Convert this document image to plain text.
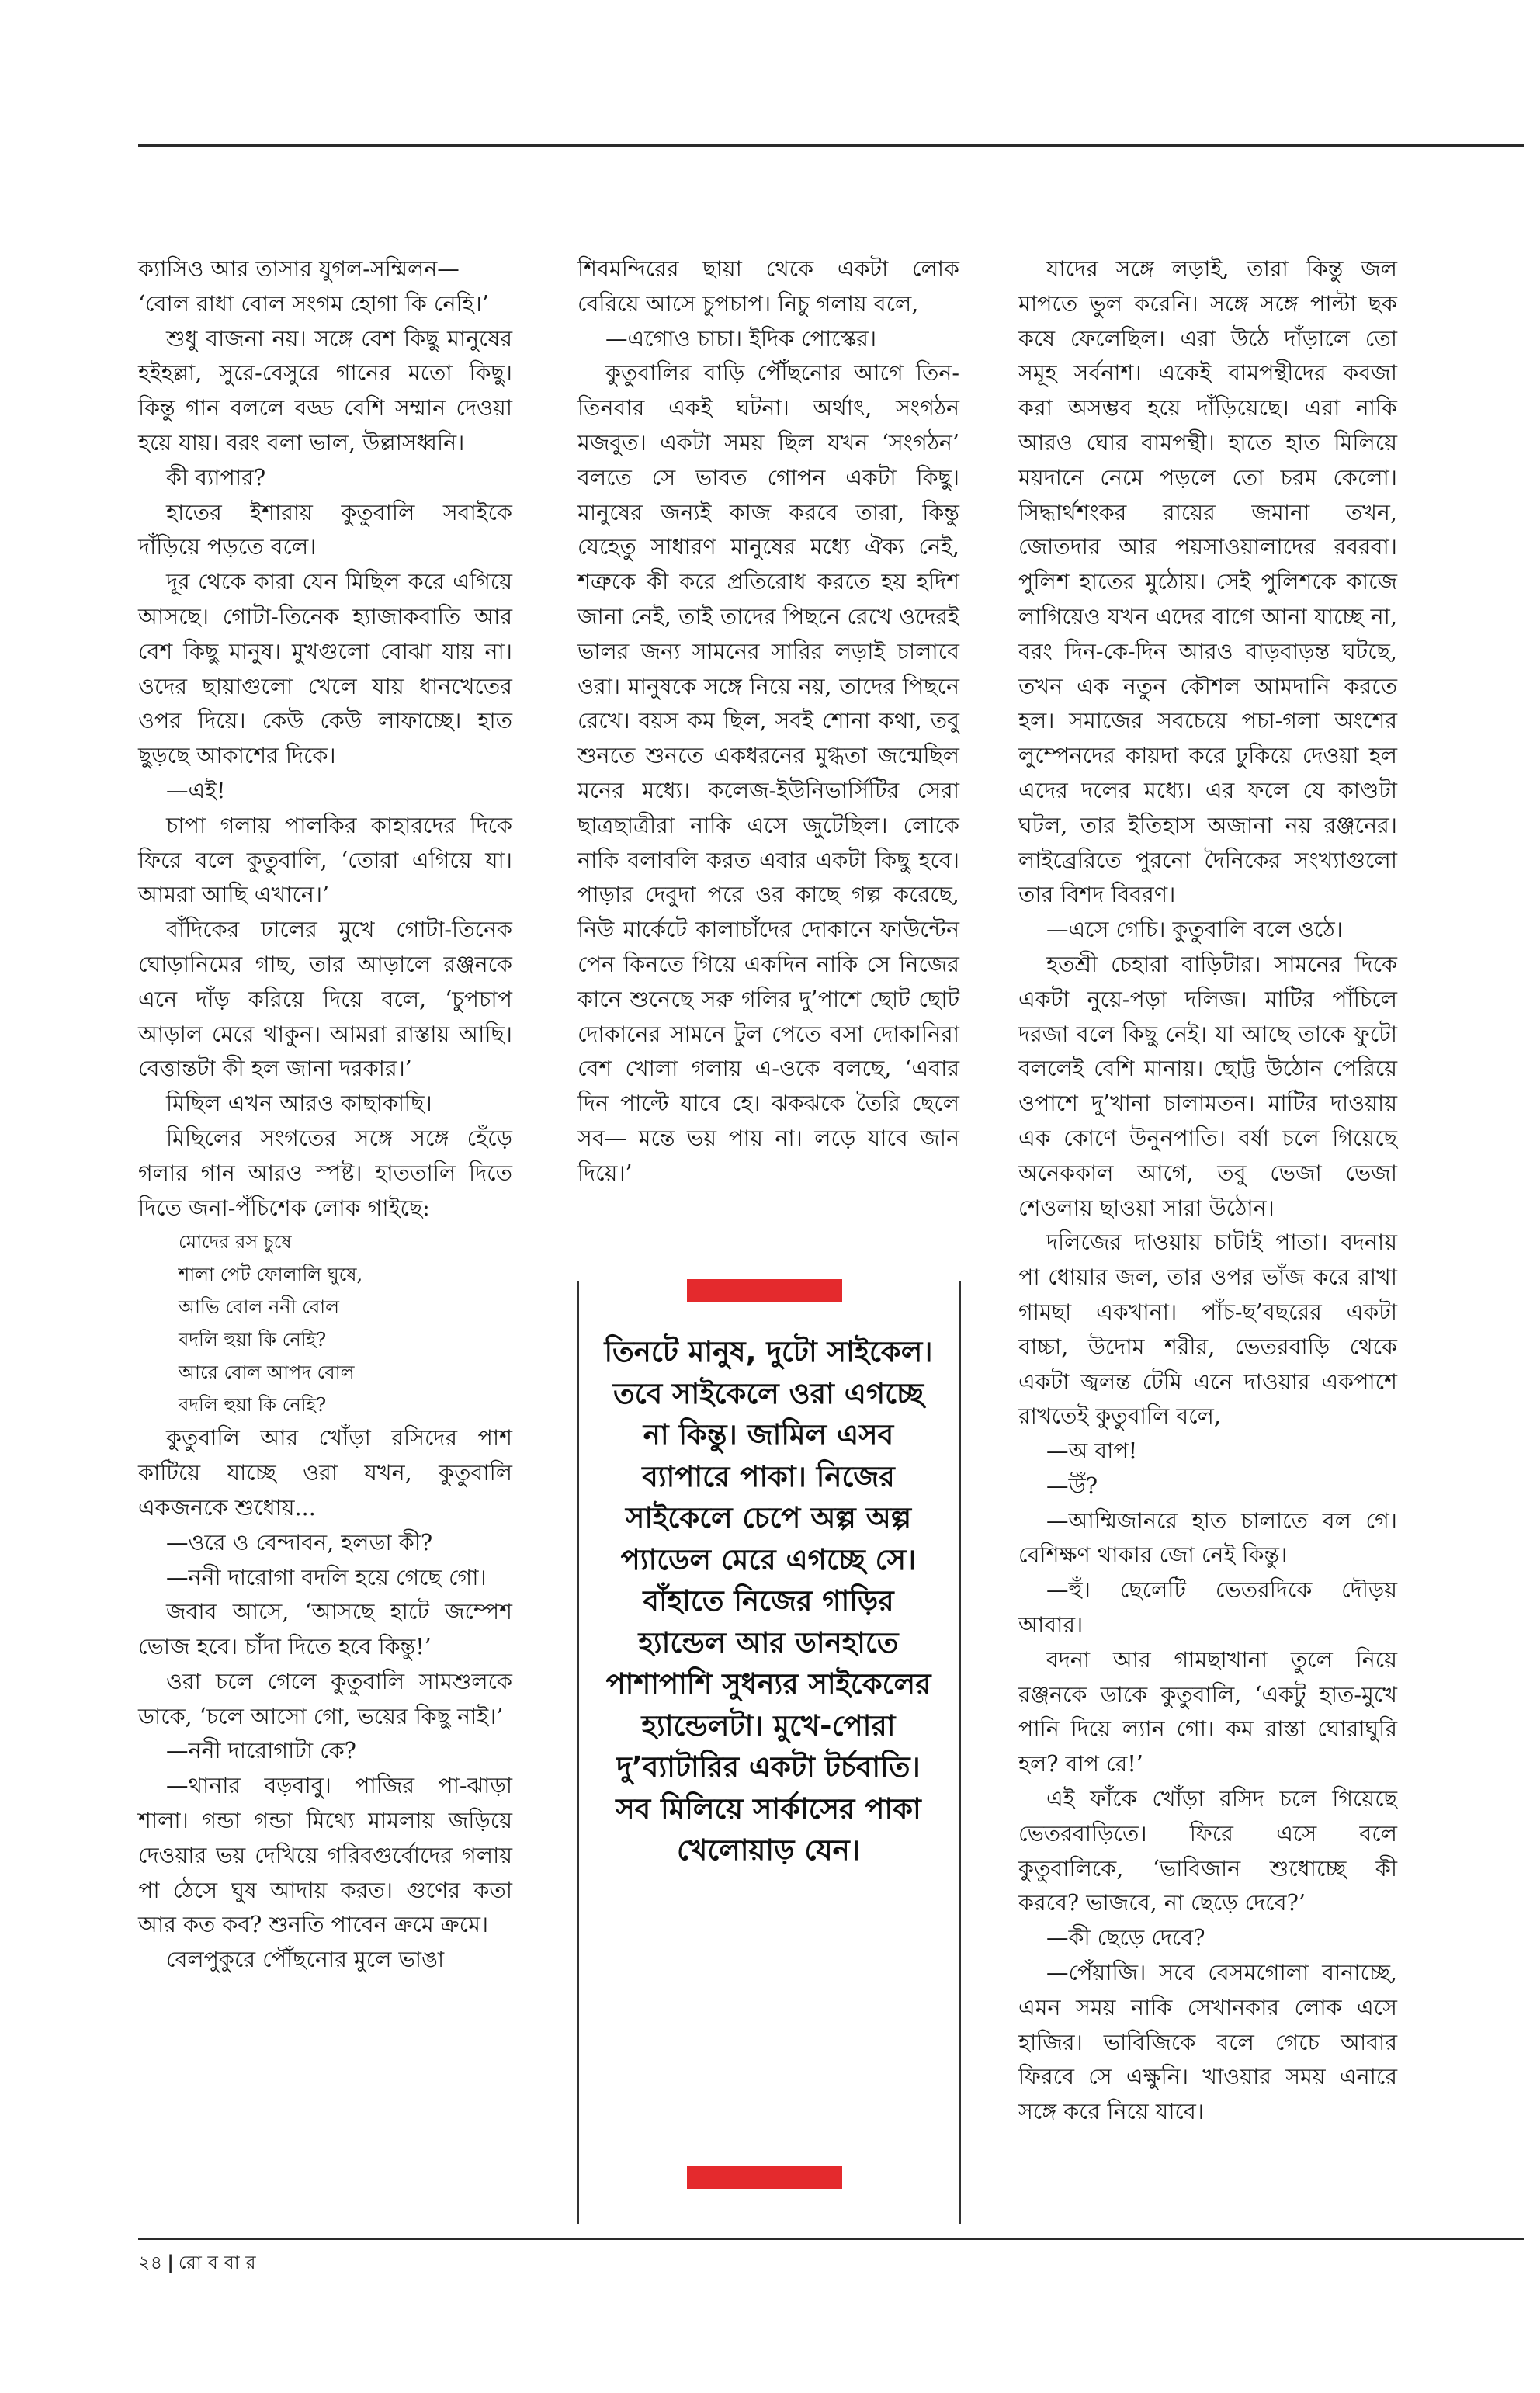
ক্যাসিও আর তাসার যুগল-সম্মিলন—

‘বোল রাধা বোল সংগম হোগা কি নেহি।’

শুধু বাজনা নয়। সঙ্গে বেশ কিছু মানুষের হইহল্লা, সুরে-বেসুরে গানের মতো কিছু। কিন্তু গান বললে বড্ড বেশি সম্মান দেওয়া হয়ে যায়। বরং বলা ভাল, উল্লাসধ্বনি।

কী ব্যাপার?

হাতের ইশারায় কুতুবালি সবাইকে দাঁড়িয়ে পড়তে বলে।

দূর থেকে কারা যেন মিছিল করে এগিয়ে আসছে। গোটা-তিনেক হ্যাজাকবাতি আর বেশ কিছু মানুষ। মুখগুলো বোঝা যায় না। ওদের ছায়াগুলো খেলে যায় ধানখেতের ওপর দিয়ে। কেউ কেউ লাফাচ্ছে। হাত ছুড়ছে আকাশের দিকে।

—এই!

চাপা গলায় পালকির কাহারদের দিকে ফিরে বলে কুতুবালি, ‘তোরা এগিয়ে যা। আমরা আছি এখানে।’

বাঁদিকের ঢালের মুখে গোটা-তিনেক ঘোড়ানিমের গাছ, তার আড়ালে রঞ্জনকে এনে দাঁড় করিয়ে দিয়ে বলে, ‘চুপচাপ আড়াল মেরে থাকুন। আমরা রাস্তায় আছি। বেত্তান্তটা কী হল জানা দরকার।’

মিছিল এখন আরও কাছাকাছি।

মিছিলের সংগতের সঙ্গে সঙ্গে হেঁড়ে গলার গান আরও স্পষ্ট। হাততালি দিতে দিতে জনা-পঁচিশেক লোক গাইছে:

মোদের রস চুষে

শালা পেট ফোলালি ঘুষে,

আভি বোল ননী বোল

বদলি হুয়া কি নেহি?

আরে বোল আপদ বোল

বদলি হুয়া কি নেহি?

কুতুবালি আর খোঁড়া রসিদের পাশ কাটিয়ে যাচ্ছে ওরা যখন, কুতুবালি একজনকে শুধোয়...

—ওরে ও বেন্দাবন, হলডা কী?

—ননী দারোগা বদলি হয়ে গেছে গো।

জবাব আসে, ‘আসছে হাটে জম্পেশ ভোজ হবে। চাঁদা দিতে হবে কিন্তু!’

ওরা চলে গেলে কুতুবালি সামশুলকে ডাকে, ‘চলে আসো গো, ভয়ের কিছু নাই।’

—ননী দারোগাটা কে?

—থানার বড়বাবু। পাজির পা-ঝাড়া শালা। গন্ডা গন্ডা মিথ্যে মামলায় জড়িয়ে দেওয়ার ভয় দেখিয়ে গরিবগুর্বোদের গলায় পা ঠেসে ঘুষ আদায় করত। গুণের কতা আর কত কব? শুনতি পাবেন ক্রমে ক্রমে।

বেলপুকুরে পৌঁছনোর মুলে ভাঙা

শিবমন্দিরের ছায়া থেকে একটা লোক বেরিয়ে আসে চুপচাপ। নিচু গলায় বলে,

—এগোও চাচা। ইদিক পোস্কের।

কুতুবালির বাড়ি পৌঁছনোর আগে তিন-তিনবার একই ঘটনা। অর্থাৎ, সংগঠন মজবুত। একটা সময় ছিল যখন ‘সংগঠন’ বলতে সে ভাবত গোপন একটা কিছু। মানুষের জন্যই কাজ করবে তারা, কিন্তু যেহেতু সাধারণ মানুষের মধ্যে ঐক্য নেই, শত্রুকে কী করে প্রতিরোধ করতে হয় হদিশ জানা নেই, তাই তাদের পিছনে রেখে ওদেরই ভালর জন্য সামনের সারির লড়াই চালাবে ওরা। মানুষকে সঙ্গে নিয়ে নয়, তাদের পিছনে রেখে। বয়স কম ছিল, সবই শোনা কথা, তবু শুনতে শুনতে একধরনের মুগ্ধতা জন্মেছিল মনের মধ্যে। কলেজ-ইউনিভার্সিটির সেরা ছাত্রছাত্রীরা নাকি এসে জুটেছিল। লোকে নাকি বলাবলি করত এবার একটা কিছু হবে। পাড়ার দেবুদা পরে ওর কাছে গল্প করেছে, নিউ মার্কেটে কালাচাঁদের দোকানে ফাউন্টেন পেন কিনতে গিয়ে একদিন নাকি সে নিজের কানে শুনেছে সরু গলির দু’পাশে ছোট ছোট দোকানের সামনে টুল পেতে বসা দোকানিরা বেশ খোলা গলায় এ-ওকে বলছে, ‘এবার দিন পাল্টে যাবে হে। ঝকঝকে তৈরি ছেলে সব— মন্তে ভয় পায় না। লড়ে যাবে জান দিয়ে।’

তিনটে মানুষ, দুটো সাইকেল। তবে সাইকেলে ওরা এগচ্ছে না কিন্তু। জামিল এসব ব্যাপারে পাকা। নিজের সাইকেলে চেপে অল্প অল্প প্যাডেল মেরে এগচ্ছে সে। বাঁহাতে নিজের গাড়ির হ্যান্ডেল আর ডানহাতে পাশাপাশি সুধন্যর সাইকেলের হ্যান্ডেলটা। মুখে-পোরা দু’ব্যাটারির একটা টর্চবাতি। সব মিলিয়ে সার্কাসের পাকা খেলোয়াড় যেন।

যাদের সঙ্গে লড়াই, তারা কিন্তু জল মাপতে ভুল করেনি। সঙ্গে সঙ্গে পাল্টা ছক কষে ফেলেছিল। এরা উঠে দাঁড়ালে তো সমূহ সর্বনাশ। একেই বামপন্থীদের কবজা করা অসম্ভব হয়ে দাঁড়িয়েছে। এরা নাকি আরও ঘোর বামপন্থী। হাতে হাত মিলিয়ে ময়দানে নেমে পড়লে তো চরম কেলো। সিদ্ধার্থশংকর রায়ের জমানা তখন, জোতদার আর পয়সাওয়ালাদের রবরবা। পুলিশ হাতের মুঠোয়। সেই পুলিশকে কাজে লাগিয়েও যখন এদের বাগে আনা যাচ্ছে না, বরং দিন-কে-দিন আরও বাড়বাড়ন্ত ঘটছে, তখন এক নতুন কৌশল আমদানি করতে হল। সমাজের সবচেয়ে পচা-গলা অংশের লুম্পেনদের কায়দা করে ঢুকিয়ে দেওয়া হল এদের দলের মধ্যে। এর ফলে যে কাণ্ডটা ঘটল, তার ইতিহাস অজানা নয় রঞ্জনের। লাইব্রেরিতে পুরনো দৈনিকের সংখ্যাগুলো তার বিশদ বিবরণ।

—এসে গেচি। কুতুবালি বলে ওঠে।

হতশ্রী চেহারা বাড়িটার। সামনের দিকে একটা নুয়ে-পড়া দলিজ। মাটির পাঁচিলে দরজা বলে কিছু নেই। যা আছে তাকে ফুটো বললেই বেশি মানায়। ছোট্ট উঠোন পেরিয়ে ওপাশে দু’খানা চালামতন। মাটির দাওয়ায় এক কোণে উনুনপাতি। বর্ষা চলে গিয়েছে অনেককাল আগে, তবু ভেজা ভেজা শেওলায় ছাওয়া সারা উঠোন।

দলিজের দাওয়ায় চাটাই পাতা। বদনায় পা ধোয়ার জল, তার ওপর ভাঁজ করে রাখা গামছা একখানা। পাঁচ-ছ’বছরের একটা বাচ্চা, উদোম শরীর, ভেতরবাড়ি থেকে একটা জ্বলন্ত টেমি এনে দাওয়ার একপাশে রাখতেই কুতুবালি বলে,

—অ বাপ!

—উঁ?

—আম্মিজানরে হাত চালাতে বল গে। বেশিক্ষণ থাকার জো নেই কিন্তু।

—হুঁ। ছেলেটি ভেতরদিকে দৌড়য় আবার।

বদনা আর গামছাখানা তুলে নিয়ে রঞ্জনকে ডাকে কুতুবালি, ‘একটু হাত-মুখে পানি দিয়ে ল্যান গো। কম রাস্তা ঘোরাঘুরি হল? বাপ রে!’

এই ফাঁকে খোঁড়া রসিদ চলে গিয়েছে ভেতরবাড়িতে। ফিরে এসে বলে কুতুবালিকে, ‘ভাবিজান শুধোচ্ছে কী করবে? ভাজবে, না ছেড়ে দেবে?’

—কী ছেড়ে দেবে?

—পেঁয়াজি। সবে বেসমগোলা বানাচ্ছে, এমন সময় নাকি সেখানকার লোক এসে হাজির। ভাবিজিকে বলে গেচে আবার ফিরবে সে এক্ষুনি। খাওয়ার সময় এনারে সঙ্গে করে নিয়ে যাবে।

২৪ | রো ব বা র
